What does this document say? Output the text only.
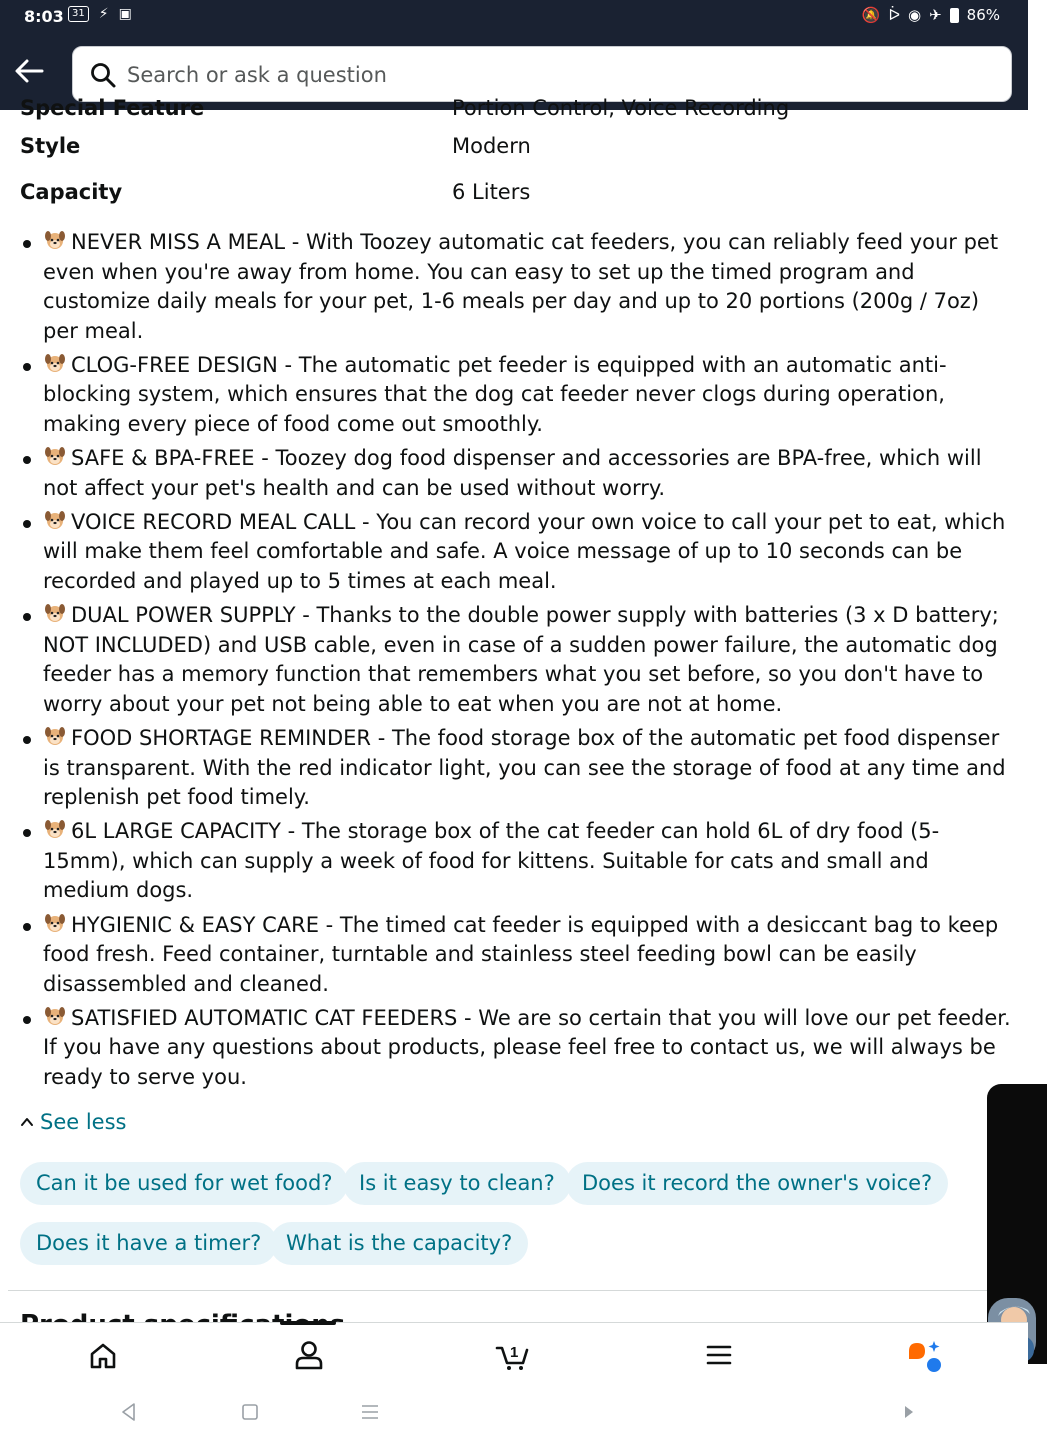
8:03 31 ⚡ ▣	🔕 ᐆ ◉ ✈ 86%
Search or ask a question
Special Feature	Portion Control, Voice Recording
Style	Modern
Capacity	6 Liters
NEVER MISS A MEAL - With Toozey automatic cat feeders, you can reliably feed your pet even when you're away from home. You can easy to set up the timed program and customize daily meals for your pet, 1-6 meals per day and up to 20 portions (200g / 7oz) per meal.
CLOG-FREE DESIGN - The automatic pet feeder is equipped with an automatic anti-blocking system, which ensures that the dog cat feeder never clogs during operation, making every piece of food come out smoothly.
SAFE & BPA-FREE - Toozey dog food dispenser and accessories are BPA-free, which will not affect your pet's health and can be used without worry.
VOICE RECORD MEAL CALL - You can record your own voice to call your pet to eat, which will make them feel comfortable and safe. A voice message of up to 10 seconds can be recorded and played up to 5 times at each meal.
DUAL POWER SUPPLY - Thanks to the double power supply with batteries (3 x D battery; NOT INCLUDED) and USB cable, even in case of a sudden power failure, the automatic dog feeder has a memory function that remembers what you set before, so you don't have to worry about your pet not being able to eat when you are not at home.
FOOD SHORTAGE REMINDER - The food storage box of the automatic pet food dispenser is transparent. With the red indicator light, you can see the storage of food at any time and replenish pet food timely.
6L LARGE CAPACITY - The storage box of the cat feeder can hold 6L of dry food (5-15mm), which can supply a week of food for kittens. Suitable for cats and small and medium dogs.
HYGIENIC & EASY CARE - The timed cat feeder is equipped with a desiccant bag to keep food fresh. Feed container, turntable and stainless steel feeding bowl can be easily disassembled and cleaned.
SATISFIED AUTOMATIC CAT FEEDERS - We are so certain that you will love our pet feeder. If you have any questions about products, please feel free to contact us, we will always be ready to serve you.
See less
Can it be used for wet food?	Is it easy to clean?	Does it record the owner's voice?
Does it have a timer?	What is the capacity?
1
